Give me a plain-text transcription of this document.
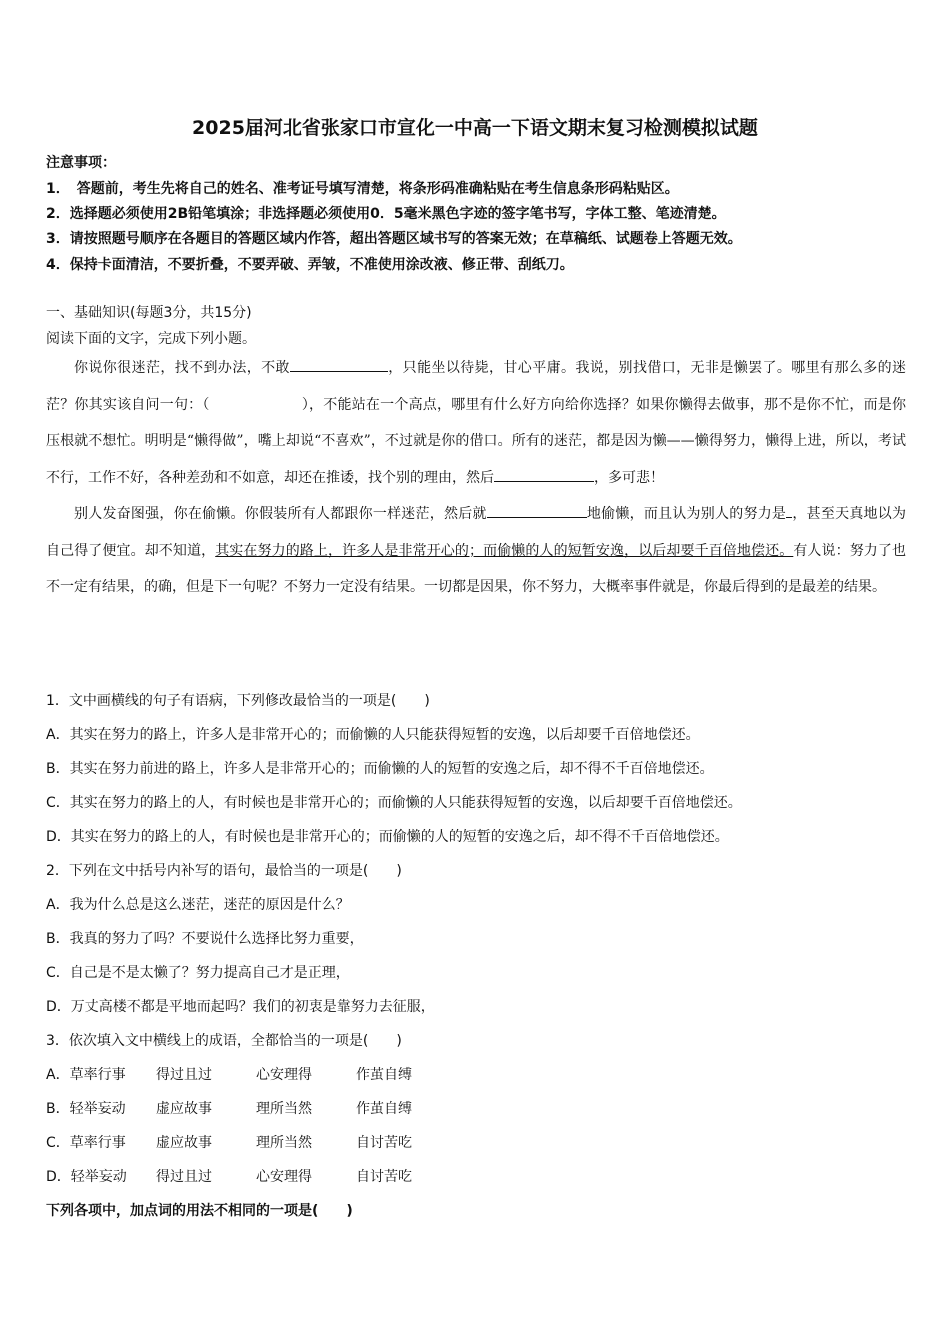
2025届河北省张家口市宣化一中高一下语文期末复习检测模拟试题
注意事项：
1．　答题前，考生先将自己的姓名、准考证号填写清楚，将条形码准确粘贴在考生信息条形码粘贴区。
2．选择题必须使用2B铅笔填涂；非选择题必须使用0．5毫米黑色字迹的签字笔书写，字体工整、笔迹清楚。
3．请按照题号顺序在各题目的答题区域内作答，超出答题区域书写的答案无效；在草稿纸、试题卷上答题无效。
4．保持卡面清洁，不要折叠，不要弄破、弄皱，不准使用涂改液、修正带、刮纸刀。
一、基础知识(每题3分，共15分)
阅读下面的文字，完成下列小题。

你说你很迷茫，找不到办法，不敢	，只能坐以待毙，甘心平庸。我说，别找借口，无非是懒罢了。哪里有那么多的迷茫？你其实该自问一句：（	），不能站在一个高点，哪里有什么好方向给你选择？如果你懒得去做事，那不是你不忙，而是你压根就不想忙。明明是“懒得做”，嘴上却说“不喜欢”，不过就是你的借口。所有的迷茫，都是因为懒——懒得努力，懒得上进，所以，考试不行，工作不好，各种差劲和不如意，却还在推诿，找个别的理由，然后	，多可悲！

别人发奋图强，你在偷懒。你假装所有人都跟你一样迷茫，然后就	地偷懒，而且认为别人的努力是 ，甚至天真地以为自己得了便宜。却不知道，其实在努力的路上，许多人是非常开心的；而偷懒的人的短暂安逸，以后却要千百倍地偿还。有人说：努力了也不一定有结果，的确，但是下一句呢？不努力一定没有结果。一切都是因果，你不努力，大概率事件就是，你最后得到的是最差的结果。

1．文中画横线的句子有语病，下列修改最恰当的一项是(　　)
A．其实在努力的路上，许多人是非常开心的；而偷懒的人只能获得短暂的安逸，以后却要千百倍地偿还。
B．其实在努力前进的路上，许多人是非常开心的；而偷懒的人的短暂的安逸之后，却不得不千百倍地偿还。
C．其实在努力的路上的人，有时候也是非常开心的；而偷懒的人只能获得短暂的安逸，以后却要千百倍地偿还。
D．其实在努力的路上的人，有时候也是非常开心的；而偷懒的人的短暂的安逸之后，却不得不千百倍地偿还。
2．下列在文中括号内补写的语句，最恰当的一项是(　　)
A．我为什么总是这么迷茫，迷茫的原因是什么？
B．我真的努力了吗？不要说什么选择比努力重要，
C．自己是不是太懒了？努力提高自己才是正理，
D．万丈高楼不都是平地而起吗？我们的初衷是靠努力去征服，
3．依次填入文中横线上的成语，全都恰当的一项是(　　)
A．草率行事 得过且过	心安理得	作茧自缚
B．轻举妄动 虚应故事	理所当然	作茧自缚
C．草率行事 虚应故事	理所当然	自讨苦吃
D．轻举妄动 得过且过	心安理得	自讨苦吃
下列各项中，加点词的用法不相同的一项是(　　)
